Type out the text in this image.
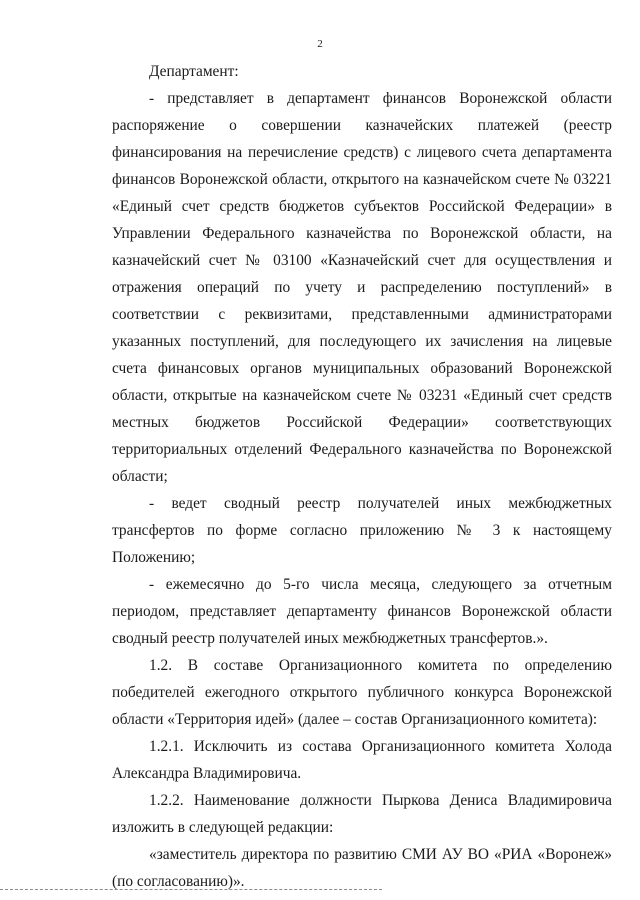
2

Департамент:

- представляет в департамент финансов Воронежской области распоряжение о совершении казначейских платежей (реестр финансирования на перечисление средств) с лицевого счета департамента финансов Воронежской области, открытого на казначейском счете № 03221 «Единый счет средств бюджетов субъектов Российской Федерации» в Управлении Федерального казначейства по Воронежской области, на казначейский счет № 03100 «Казначейский счет для осуществления и отражения операций по учету и распределению поступлений» в соответствии с реквизитами, представленными администраторами указанных поступлений, для последующего их зачисления на лицевые счета финансовых органов муниципальных образований Воронежской области, открытые на казначейском счете № 03231 «Единый счет средств местных бюджетов Российской Федерации» соответствующих территориальных отделений Федерального казначейства по Воронежской области;

- ведет сводный реестр получателей иных межбюджетных трансфертов по форме согласно приложению № 3 к настоящему Положению;

- ежемесячно до 5-го числа месяца, следующего за отчетным периодом, представляет департаменту финансов Воронежской области сводный реестр получателей иных межбюджетных трансфертов.».

1.2. В составе Организационного комитета по определению победителей ежегодного открытого публичного конкурса Воронежской области «Территория идей» (далее – состав Организационного комитета):

1.2.1. Исключить из состава Организационного комитета Холода Александра Владимировича.

1.2.2. Наименование должности Пыркова Дениса Владимировича изложить в следующей редакции:

«заместитель директора по развитию СМИ АУ ВО «РИА «Воронеж» (по согласованию)».
